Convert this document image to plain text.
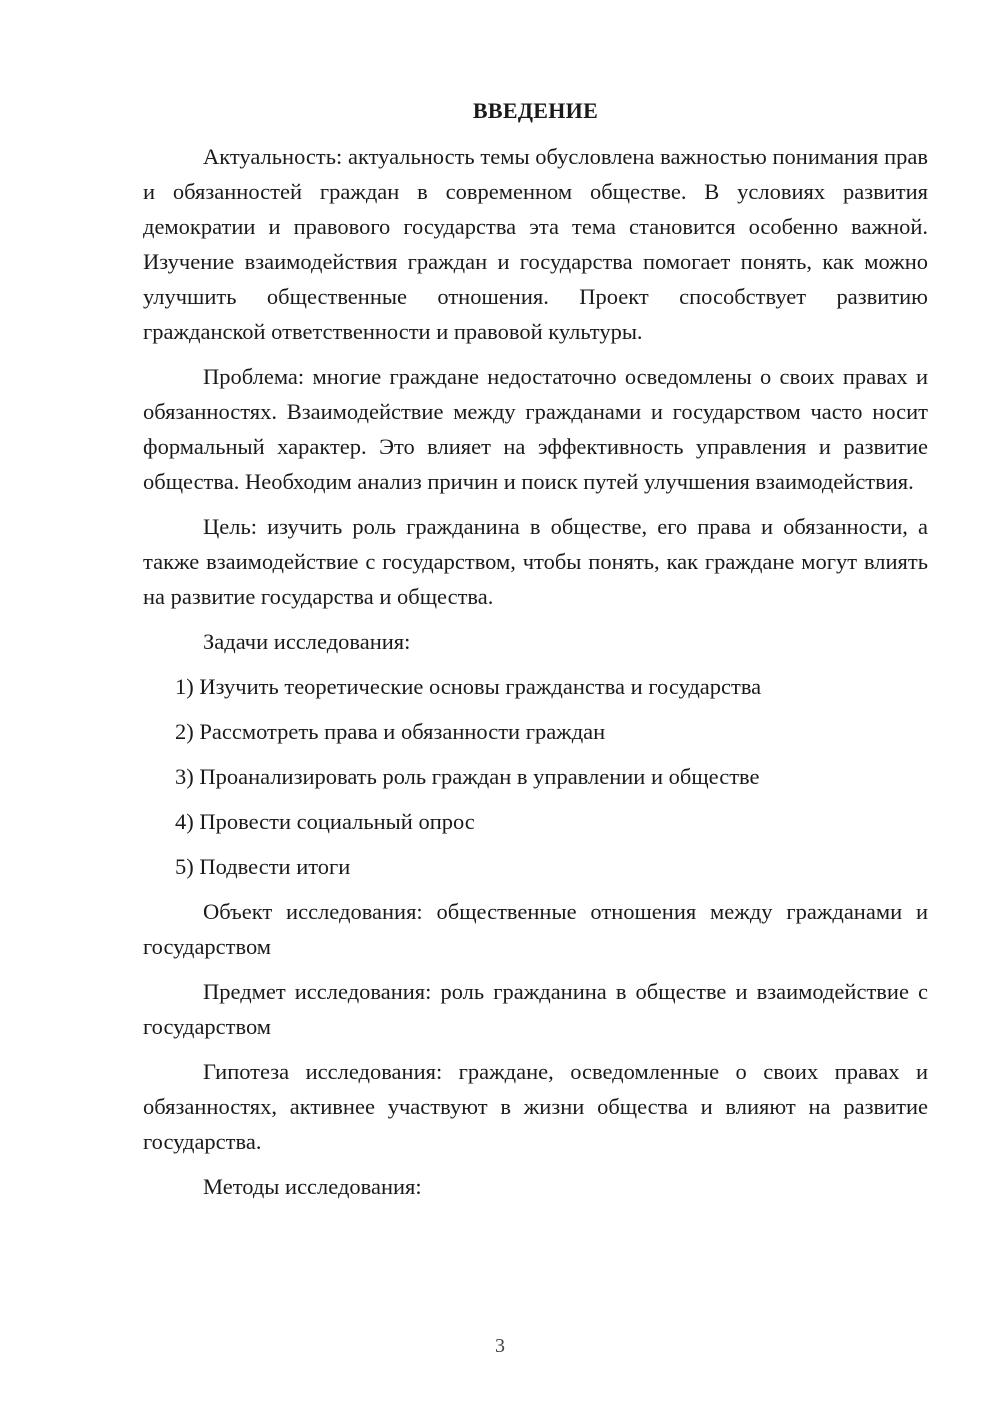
ВВЕДЕНИЕ

Актуальность: актуальность темы обусловлена важностью понимания прав и обязанностей граждан в современном обществе. В условиях развития демократии и правового государства эта тема становится особенно важной. Изучение взаимодействия граждан и государства помогает понять, как можно улучшить общественные отношения. Проект способствует развитию гражданской ответственности и правовой культуры.

Проблема: многие граждане недостаточно осведомлены о своих правах и обязанностях. Взаимодействие между гражданами и государством часто носит формальный характер. Это влияет на эффективность управления и развитие общества. Необходим анализ причин и поиск путей улучшения взаимодействия.

Цель: изучить роль гражданина в обществе, его права и обязанности, а также взаимодействие с государством, чтобы понять, как граждане могут влиять на развитие государства и общества.

Задачи исследования:

1) Изучить теоретические основы гражданства и государства

2) Рассмотреть права и обязанности граждан

3) Проанализировать роль граждан в управлении и обществе

4) Провести социальный опрос

5) Подвести итоги

Объект исследования: общественные отношения между гражданами и государством

Предмет исследования: роль гражданина в обществе и взаимодействие с государством

Гипотеза исследования: граждане, осведомленные о своих правах и обязанностях, активнее участвуют в жизни общества и влияют на развитие государства.

Методы исследования:

3
